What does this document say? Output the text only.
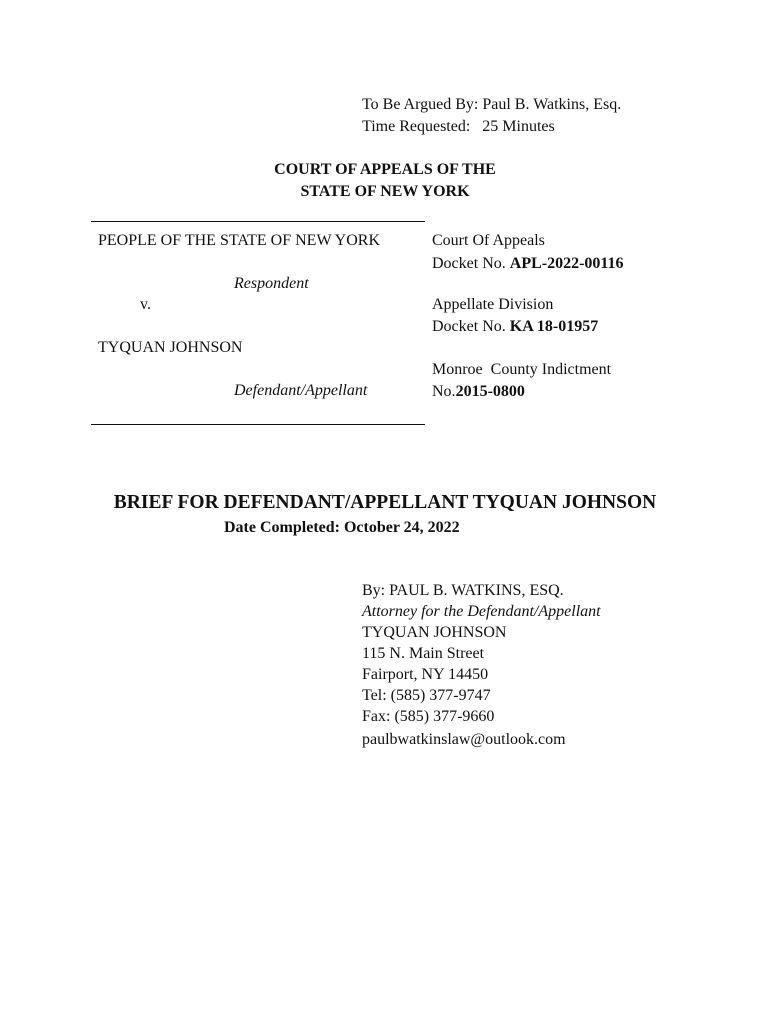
To Be Argued By: Paul B. Watkins, Esq.
Time Requested:   25 Minutes
COURT OF APPEALS OF THE
STATE OF NEW YORK
PEOPLE OF THE STATE OF NEW YORK
Respondent
v.
TYQUAN JOHNSON
Defendant/Appellant
Court Of Appeals
Docket No. APL-2022-00116
Appellate Division
Docket No. KA 18-01957
Monroe  County Indictment
No.2015-0800
BRIEF FOR DEFENDANT/APPELLANT TYQUAN JOHNSON
Date Completed: October 24, 2022
By: PAUL B. WATKINS, ESQ.
Attorney for the Defendant/Appellant
TYQUAN JOHNSON
115 N. Main Street
Fairport, NY 14450
Tel: (585) 377-9747
Fax: (585) 377-9660
paulbwatkinslaw@outlook.com
